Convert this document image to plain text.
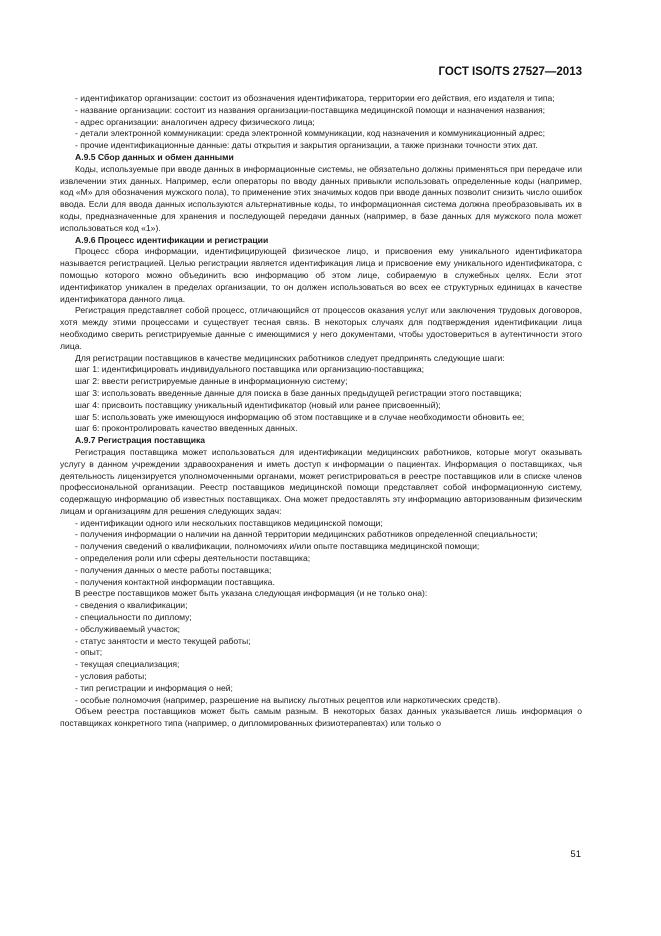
ГОСТ ISO/TS 27527—2013

- идентификатор организации: состоит из обозначения идентификатора, территории его действия, его издателя и типа;

- название организации: состоит из названия организации-поставщика медицинской помощи и назначения названия;

- адрес организации: аналогичен адресу физического лица;

- детали электронной коммуникации: среда электронной коммуникации, код назначения и коммуникационный адрес;

- прочие идентификационные данные: даты открытия и закрытия организации, а также признаки точности этих дат.

А.9.5 Сбор данных и обмен данными

Коды, используемые при вводе данных в информационные системы, не обязательно должны применяться при передаче или извлечении этих данных. Например, если операторы по вводу данных привыкли использовать определенные коды (например, код «М» для обозначения мужского пола), то применение этих значимых кодов при вводе данных позволит снизить число ошибок ввода. Если для ввода данных используются альтернативные коды, то информационная система должна преобразовывать их в коды, предназначенные для хранения и последующей передачи данных (например, в базе данных для мужского пола может использоваться код «1»).

А.9.6 Процесс идентификации и регистрации

Процесс сбора информации, идентифицирующей физическое лицо, и присвоения ему уникального идентификатора называется регистрацией. Целью регистрации является идентификация лица и присвоение ему уникального идентификатора, с помощью которого можно объединить всю информацию об этом лице, собираемую в служебных целях. Если этот идентификатор уникален в пределах организации, то он должен использоваться во всех ее структурных единицах в качестве идентификатора данного лица.

Регистрация представляет собой процесс, отличающийся от процессов оказания услуг или заключения трудовых договоров, хотя между этими процессами и существует тесная связь. В некоторых случаях для подтверждения идентификации лица необходимо сверить регистрируемые данные с имеющимися у него документами, чтобы удостовериться в аутентичности этого лица.

Для регистрации поставщиков в качестве медицинских работников следует предпринять следующие шаги:

шаг 1: идентифицировать индивидуального поставщика или организацию-поставщика;

шаг 2: ввести регистрируемые данные в информационную систему;

шаг 3: использовать введенные данные для поиска в базе данных предыдущей регистрации этого поставщика;

шаг 4: присвоить поставщику уникальный идентификатор (новый или ранее присвоенный);

шаг 5: использовать уже имеющуюся информацию об этом поставщике и в случае необходимости обновить ее;

шаг 6: проконтролировать качество введенных данных.

А.9.7 Регистрация поставщика

Регистрация поставщика может использоваться для идентификации медицинских работников, которые могут оказывать услугу в данном учреждении здравоохранения и иметь доступ к информации о пациентах. Информация о поставщиках, чья деятельность лицензируется уполномоченными органами, может регистрироваться в реестре поставщиков или в списке членов профессиональной организации. Реестр поставщиков медицинской помощи представляет собой информационную систему, содержащую информацию об известных поставщиках. Она может предоставлять эту информацию авторизованным физическим лицам и организациям для решения следующих задач:

- идентификации одного или нескольких поставщиков медицинской помощи;

- получения информации о наличии на данной территории медицинских работников определенной специальности;

- получения сведений о квалификации, полномочиях и/или опыте поставщика медицинской помощи;

- определения роли или сферы деятельности поставщика;

- получения данных о месте работы поставщика;

- получения контактной информации поставщика.

В реестре поставщиков может быть указана следующая информация (и не только она):

- сведения о квалификации;

- специальности по диплому;

- обслуживаемый участок;

- статус занятости и место текущей работы;

- опыт;

- текущая специализация;

- условия работы;

- тип регистрации и информация о ней;

- особые полномочия (например, разрешение на выписку льготных рецептов или наркотических средств).

Объем реестра поставщиков может быть самым разным. В некоторых базах данных указывается лишь информация о поставщиках конкретного типа (например, о дипломированных физиотерапевтах) или только о

51
